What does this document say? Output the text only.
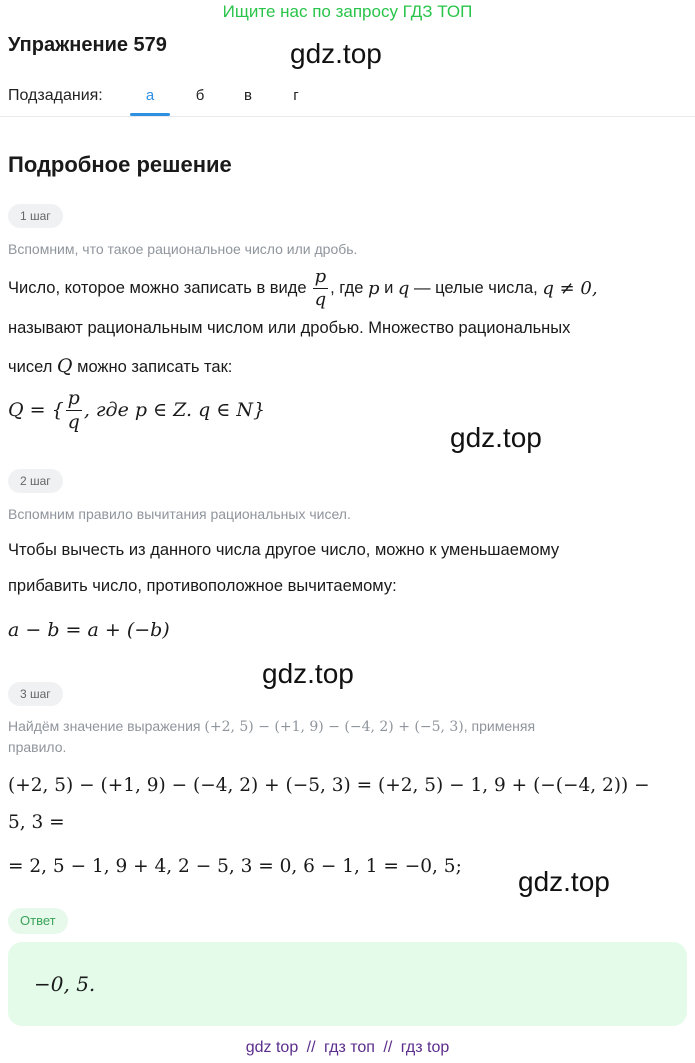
Ищите нас по запросу ГДЗ ТОП
Упражнение 579	gdz.top
Подзадания:	а	б	в	г
Подробное решение
1 шаг
Вспомним, что такое рациональное число или дробь.
Число, которое можно записать в виде $\frac{p}{q}$ , где
p
и
q
— целые числа,
q ≠ 0,
называют рациональным числом или дробью. Множество рациональных
чисел Q можно записать так:
Q = { $\frac{p}{q}$ , где p ∈ Z. q ∈ N}
gdz.top
2 шаг
Вспомним правило вычитания рациональных чисел.
Чтобы вычесть из данного числа другое число, можно к уменьшаемому
прибавить число, противоположное вычитаемому:
a − b = a + (−b)
gdz.top
3 шаг
Найдём значение выражения (+2, 5) − (+1, 9) − (−4, 2) + (−5, 3), применяя
правило.
(+2, 5) − (+1, 9) − (−4, 2) + (−5, 3) = (+2, 5) − 1, 9 + (−(−4, 2)) −
5, 3 =
= 2, 5 − 1, 9 + 4, 2 − 5, 3 = 0, 6 − 1, 1 = −0, 5; gdz.top
Ответ
−0, 5.
gdz top // гдз топ // гдз top
